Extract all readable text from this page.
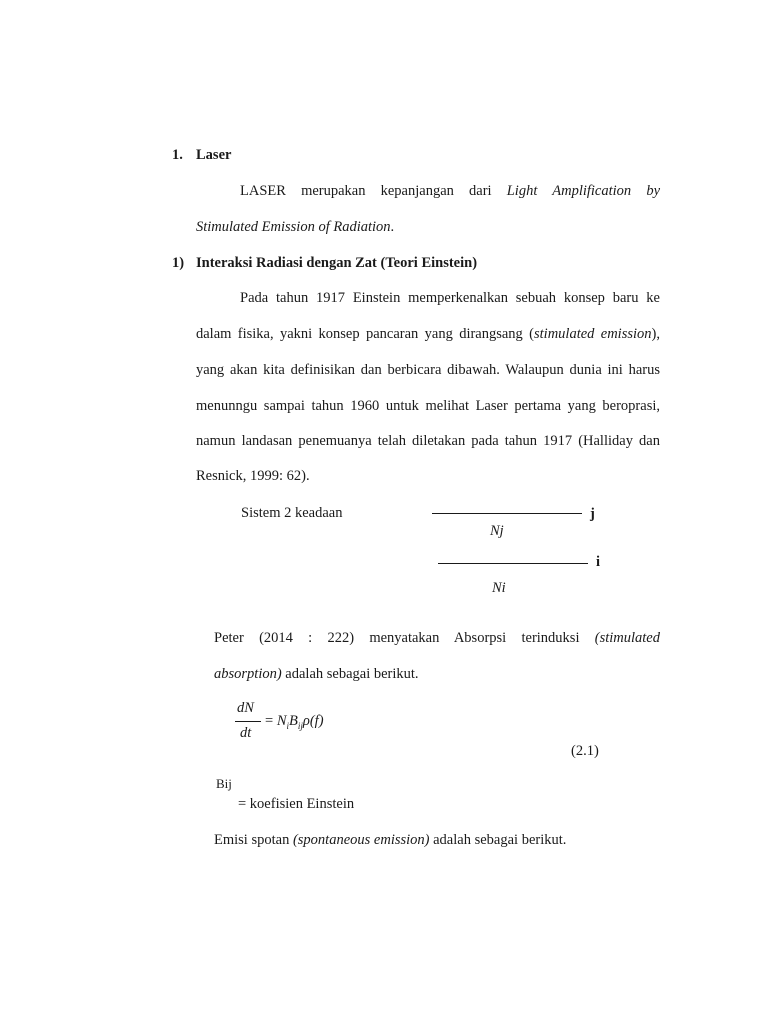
1. Laser
LASER merupakan kepanjangan dari Light Amplification by
Stimulated Emission of Radiation.
1) Interaksi Radiasi dengan Zat (Teori Einstein)
Pada tahun 1917 Einstein memperkenalkan sebuah konsep baru ke
dalam fisika, yakni konsep pancaran yang dirangsang (stimulated emission),
yang akan kita definisikan dan berbicara dibawah. Walaupun dunia ini harus
menunngu sampai tahun 1960 untuk melihat Laser pertama yang beroprasi,
namun landasan penemuanya telah diletakan pada tahun 1917 (Halliday dan
Resnick, 1999: 62).
Sistem 2 keadaan	j
Nj
i
Ni
Peter (2014 : 222) menyatakan Absorpsi terinduksi (stimulated
absorption) adalah sebagai berikut.
dN
dt
= $N_iB_{ij}\rho(f)$
(2.1)
Bij
= koefisien Einstein
Emisi spotan (spontaneous emission) adalah sebagai berikut.
